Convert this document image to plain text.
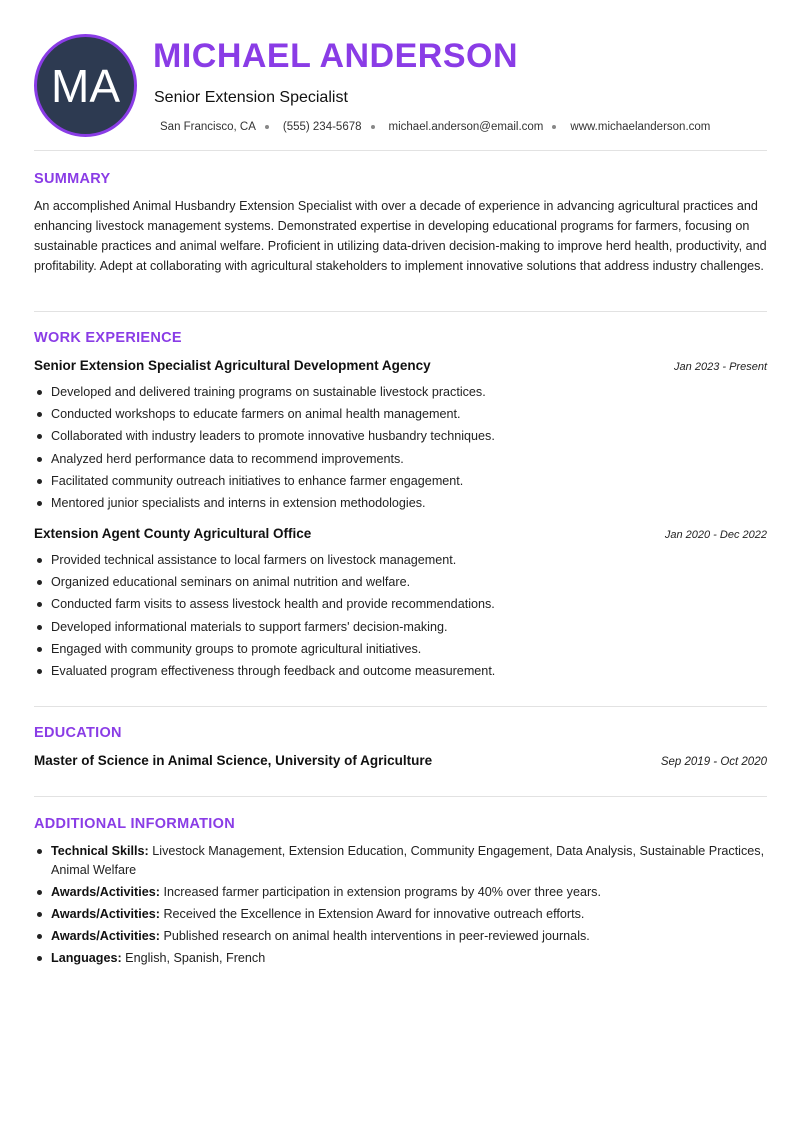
MA
MICHAEL ANDERSON
Senior Extension Specialist
San Francisco, CA (555) 234-5678 michael.anderson@email.com www.michaelanderson.com
SUMMARY
An accomplished Animal Husbandry Extension Specialist with over a decade of experience in advancing agricultural practices and enhancing livestock management systems. Demonstrated expertise in developing educational programs for farmers, focusing on sustainable practices and animal welfare. Proficient in utilizing data-driven decision-making to improve herd health, productivity, and profitability. Adept at collaborating with agricultural stakeholders to implement innovative solutions that address industry challenges.
WORK EXPERIENCE
Senior Extension Specialist Agricultural Development Agency	Jan 2023 - Present
Developed and delivered training programs on sustainable livestock practices.
Conducted workshops to educate farmers on animal health management.
Collaborated with industry leaders to promote innovative husbandry techniques.
Analyzed herd performance data to recommend improvements.
Facilitated community outreach initiatives to enhance farmer engagement.
Mentored junior specialists and interns in extension methodologies.
Extension Agent County Agricultural Office	Jan 2020 - Dec 2022
Provided technical assistance to local farmers on livestock management.
Organized educational seminars on animal nutrition and welfare.
Conducted farm visits to assess livestock health and provide recommendations.
Developed informational materials to support farmers' decision-making.
Engaged with community groups to promote agricultural initiatives.
Evaluated program effectiveness through feedback and outcome measurement.
EDUCATION
Master of Science in Animal Science, University of Agriculture	Sep 2019 - Oct 2020
ADDITIONAL INFORMATION
Technical Skills: Livestock Management, Extension Education, Community Engagement, Data Analysis, Sustainable Practices, Animal Welfare
Awards/Activities: Increased farmer participation in extension programs by 40% over three years.
Awards/Activities: Received the Excellence in Extension Award for innovative outreach efforts.
Awards/Activities: Published research on animal health interventions in peer-reviewed journals.
Languages: English, Spanish, French
